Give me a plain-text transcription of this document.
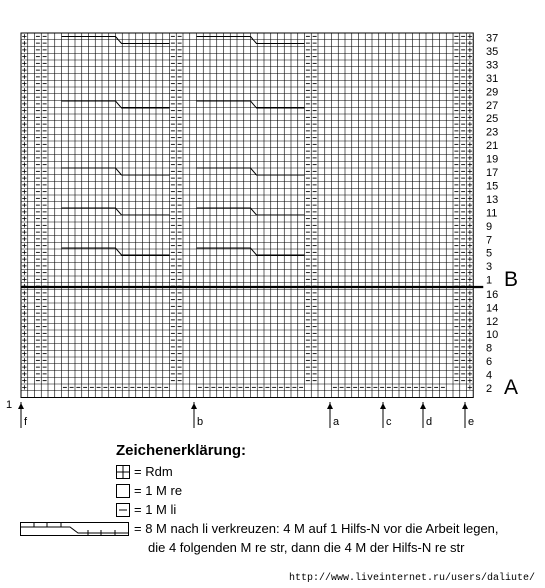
B
A
1
37
35
33
31
29
27
25
23
21
19
17
15
13
11
9
7
5
3
1
16
14
12
10
8
6
4
2
f	b	a	c	d	e
Zeichenerklärung:
= Rdm
= 1 M re
= 1 M li
= 8 M nach li verkreuzen: 4 M auf 1 Hilfs-N vor die Arbeit legen,
die 4 folgenden M re str, dann die 4 M der Hilfs-N re str
http://www.liveinternet.ru/users/daliute/
